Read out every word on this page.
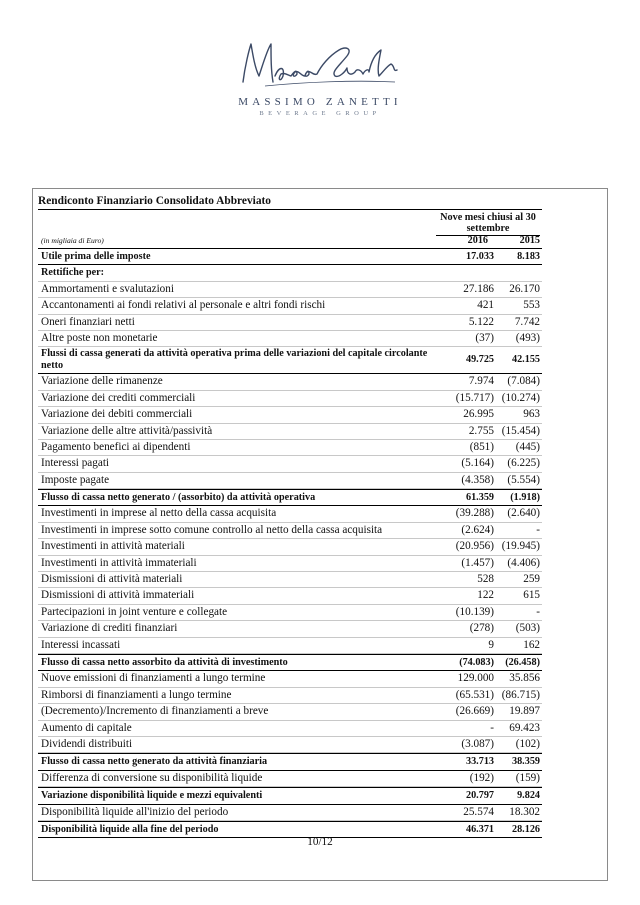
MASSIMO ZANETTI
BEVERAGE GROUP
Rendiconto Finanziario Consolidato Abbreviato
Nove mesi chiusi al 30 settembre
(in migliaia di Euro)	2016	2015
Utile prima delle imposte	17.033	8.183
Rettifiche per:
Ammortamenti e svalutazioni	27.186	26.170
Accantonamenti ai fondi relativi al personale e altri fondi rischi	421	553
Oneri finanziari netti	5.122	7.742
Altre poste non monetarie	(37)	(493)
Flussi di cassa generati da attività operativa prima delle variazioni del capitale circolante netto	49.725	42.155
Variazione delle rimanenze	7.974	(7.084)
Variazione dei crediti commerciali	(15.717) (10.274)
Variazione dei debiti commerciali	26.995	963
Variazione delle altre attività/passività	2.755 (15.454)
Pagamento benefici ai dipendenti	(851)	(445)
Interessi pagati	(5.164)	(6.225)
Imposte pagate	(4.358)	(5.554)
Flusso di cassa netto generato / (assorbito) da attività operativa	61.359	(1.918)
Investimenti in imprese al netto della cassa acquisita	(39.288)	(2.640)
Investimenti in imprese sotto comune controllo al netto della cassa acquisita	(2.624)	-
Investimenti in attività materiali	(20.956) (19.945)
Investimenti in attività immateriali	(1.457)	(4.406)
Dismissioni di attività materiali	528	259
Dismissioni di attività immateriali	122	615
Partecipazioni in joint venture e collegate	(10.139)	-
Variazione di crediti finanziari	(278)	(503)
Interessi incassati	9	162
Flusso di cassa netto assorbito da attività di investimento	(74.083)	(26.458)
Nuove emissioni di finanziamenti a lungo termine	129.000	35.856
Rimborsi di finanziamenti a lungo termine	(65.531) (86.715)
(Decremento)/Incremento di finanziamenti a breve	(26.669)	19.897
Aumento di capitale	-	69.423
Dividendi distribuiti	(3.087)	(102)
Flusso di cassa netto generato da attività finanziaria	33.713	38.359
Differenza di conversione su disponibilità liquide	(192)	(159)
Variazione disponibilità liquide e mezzi equivalenti	20.797	9.824
Disponibilità liquide all'inizio del periodo	25.574	18.302
Disponibilità liquide alla fine del periodo	46.371	28.126
10/12
